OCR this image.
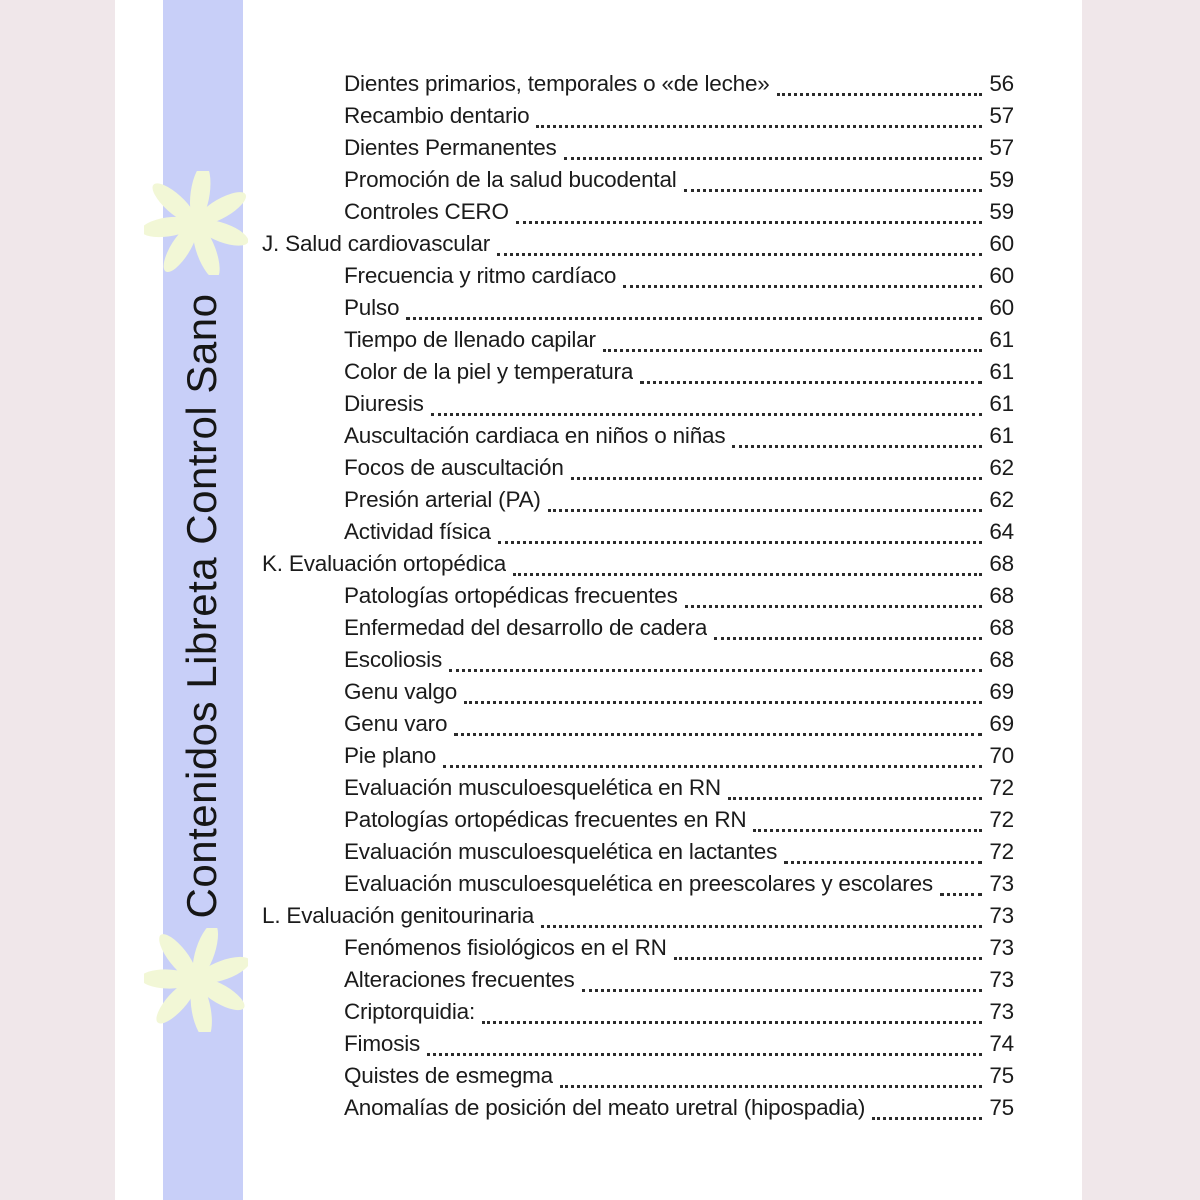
Contenidos Libreta Control Sano
Dientes primarios, temporales o «de leche»	56
Recambio dentario	57
Dientes Permanentes	57
Promoción de la salud bucodental	59
Controles CERO	59
J. Salud cardiovascular	60
Frecuencia y ritmo cardíaco	60
Pulso	60
Tiempo de llenado capilar	61
Color de la piel y temperatura	61
Diuresis	61
Auscultación cardiaca en niños o niñas	61
Focos de auscultación	62
Presión arterial (PA)	62
Actividad física	64
K. Evaluación ortopédica	68
Patologías ortopédicas frecuentes	68
Enfermedad del desarrollo de cadera	68
Escoliosis	68
Genu valgo	69
Genu varo	69
Pie plano	70
Evaluación musculoesquelética en RN	72
Patologías ortopédicas frecuentes en RN	72
Evaluación musculoesquelética en lactantes	72
Evaluación musculoesquelética en preescolares y escolares	73
L. Evaluación genitourinaria	73
Fenómenos fisiológicos en el RN	73
Alteraciones frecuentes	73
Criptorquidia:	73
Fimosis	74
Quistes de esmegma	75
Anomalías de posición del meato uretral (hipospadia)	75
